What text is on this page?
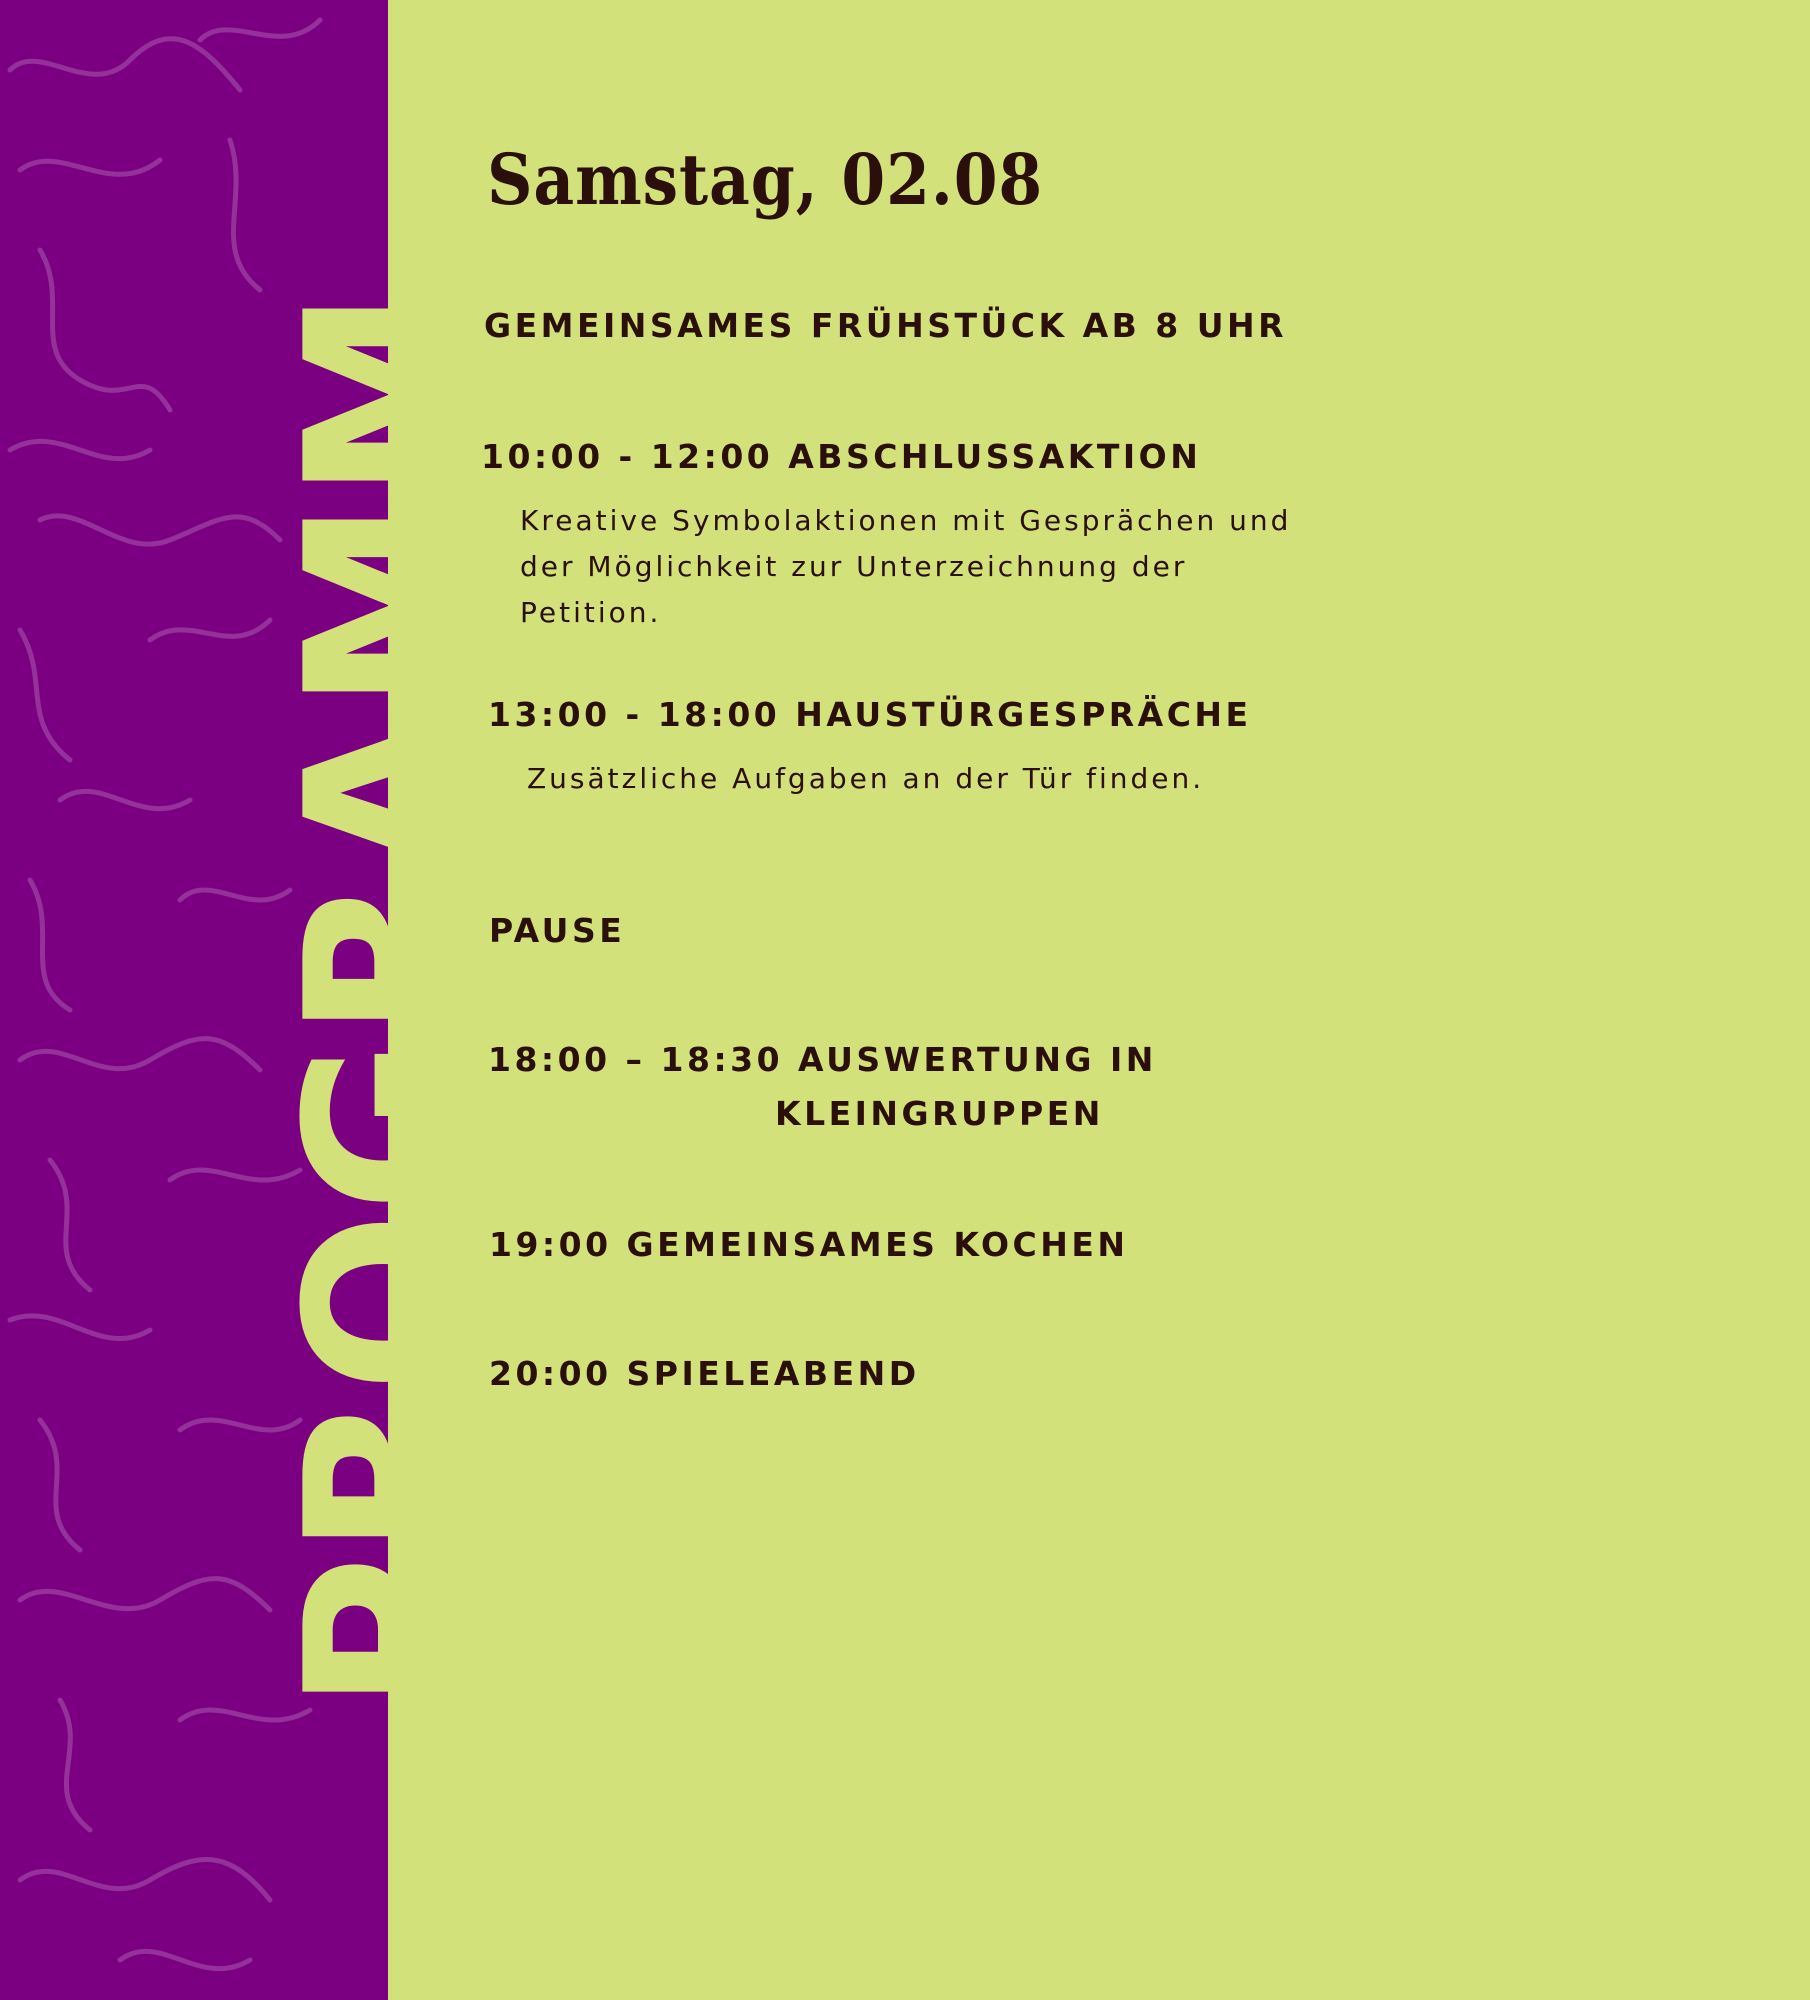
PROGRAMM
Samstag, 02.08
GEMEINSAMES FRÜHSTÜCK AB 8 UHR
10:00 - 12:00 ABSCHLUSSAKTION
Kreative Symbolaktionen mit Gesprächen und der Möglichkeit zur Unterzeichnung der Petition.
13:00 - 18:00 HAUSTÜRGESPRÄCHE
Zusätzliche Aufgaben an der Tür finden.
PAUSE
18:00 – 18:30 AUSWERTUNG IN
KLEINGRUPPEN
19:00 GEMEINSAMES KOCHEN
20:00 SPIELEABEND
